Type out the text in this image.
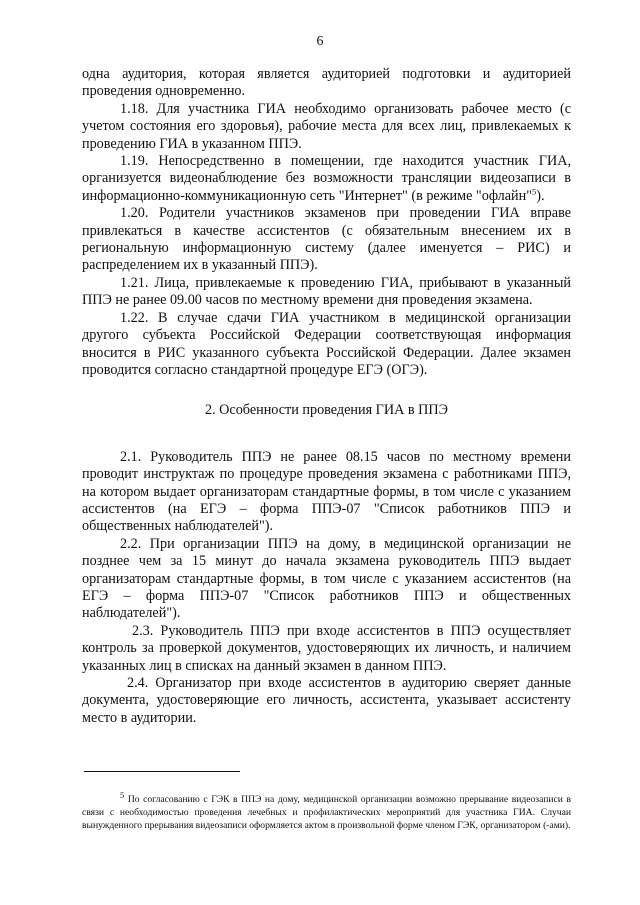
6

одна аудитория, которая является аудиторией подготовки и аудиторией проведения одновременно.

1.18. Для участника ГИА необходимо организовать рабочее место (с учетом состояния его здоровья), рабочие места для всех лиц, привлекаемых к проведению ГИА в указанном ППЭ.

1.19. Непосредственно в помещении, где находится участник ГИА, организуется видеонаблюдение без возможности трансляции видеозаписи в информационно-коммуникационную сеть "Интернет" (в режиме "офлайн"$^5$).

1.20. Родители участников экзаменов при проведении ГИА вправе привлекаться в качестве ассистентов (с обязательным внесением их в региональную информационную систему (далее именуется – РИС) и распределением их в указанный ППЭ).

1.21. Лица, привлекаемые к проведению ГИА, прибывают в указанный ППЭ не ранее 09.00 часов по местному времени дня проведения экзамена.

1.22. В случае сдачи ГИА участником в медицинской организации другого субъекта Российской Федерации соответствующая информация вносится в РИС указанного субъекта Российской Федерации. Далее экзамен проводится согласно стандартной процедуре ЕГЭ (ОГЭ).

2. Особенности проведения ГИА в ППЭ

2.1. Руководитель ППЭ не ранее 08.15 часов по местному времени проводит инструктаж по процедуре проведения экзамена с работниками ППЭ, на котором выдает организаторам стандартные формы, в том числе с указанием ассистентов (на ЕГЭ – форма ППЭ-07 "Список работников ППЭ и общественных наблюдателей").

2.2. При организации ППЭ на дому, в медицинской организации не позднее чем за 15 минут до начала экзамена руководитель ППЭ выдает организаторам стандартные формы, в том числе с указанием ассистентов (на ЕГЭ – форма ППЭ-07 "Список работников ППЭ и общественных наблюдателей").

2.3. Руководитель ППЭ при входе ассистентов в ППЭ осуществляет контроль за проверкой документов, удостоверяющих их личность, и наличием указанных лиц в списках на данный экзамен в данном ППЭ.

2.4. Организатор при входе ассистентов в аудиторию сверяет данные документа, удостоверяющие его личность, ассистента, указывает ассистенту место в аудитории.

$^5$ По согласованию с ГЭК в ППЭ на дому, медицинской организации возможно прерывание видеозаписи в связи с необходимостью проведения лечебных и профилактических мероприятий для участника ГИА. Случаи вынужденного прерывания видеозаписи оформляется актом в произвольной форме членом ГЭК, организатором (-ами).
